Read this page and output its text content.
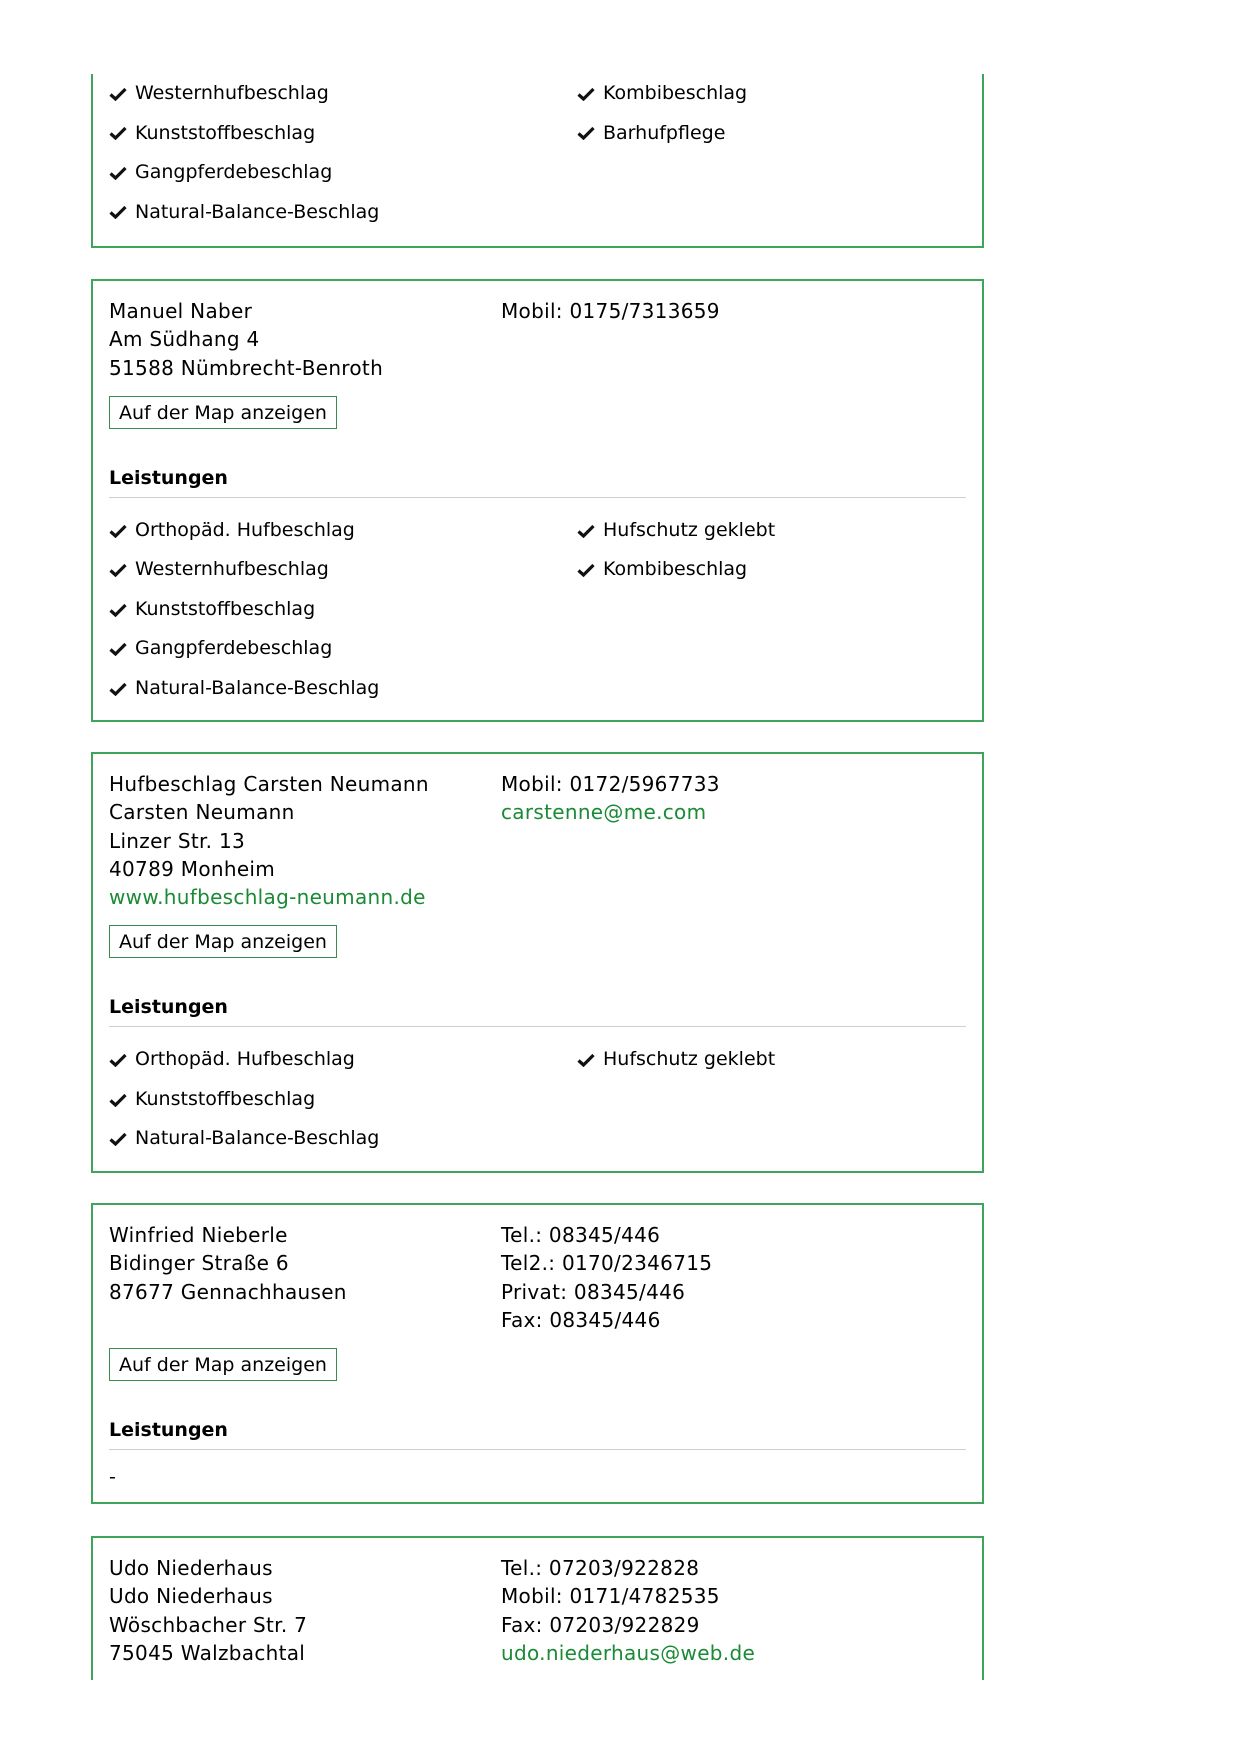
Westernhufbeschlag
Kunststoffbeschlag
Gangpferdebeschlag
Natural-Balance-Beschlag
Kombibeschlag
Barhufpflege
Manuel Naber
Am Südhang 4
51588 Nümbrecht-Benroth
Mobil: 0175/7313659
Auf der Map anzeigen
Leistungen
Orthopäd. Hufbeschlag
Westernhufbeschlag
Kunststoffbeschlag
Gangpferdebeschlag
Natural-Balance-Beschlag
Hufschutz geklebt
Kombibeschlag
Hufbeschlag Carsten Neumann
Carsten Neumann
Linzer Str. 13
40789 Monheim
www.hufbeschlag-neumann.de
Mobil: 0172/5967733
carstenne@me.com
Auf der Map anzeigen
Leistungen
Orthopäd. Hufbeschlag
Kunststoffbeschlag
Natural-Balance-Beschlag
Hufschutz geklebt
Winfried Nieberle
Bidinger Straße 6
87677 Gennachhausen
Tel.: 08345/446
Tel2.: 0170/2346715
Privat: 08345/446
Fax: 08345/446
Auf der Map anzeigen
Leistungen
-
Udo Niederhaus
Udo Niederhaus
Wöschbacher Str. 7
75045 Walzbachtal
Tel.: 07203/922828
Mobil: 0171/4782535
Fax: 07203/922829
udo.niederhaus@web.de
